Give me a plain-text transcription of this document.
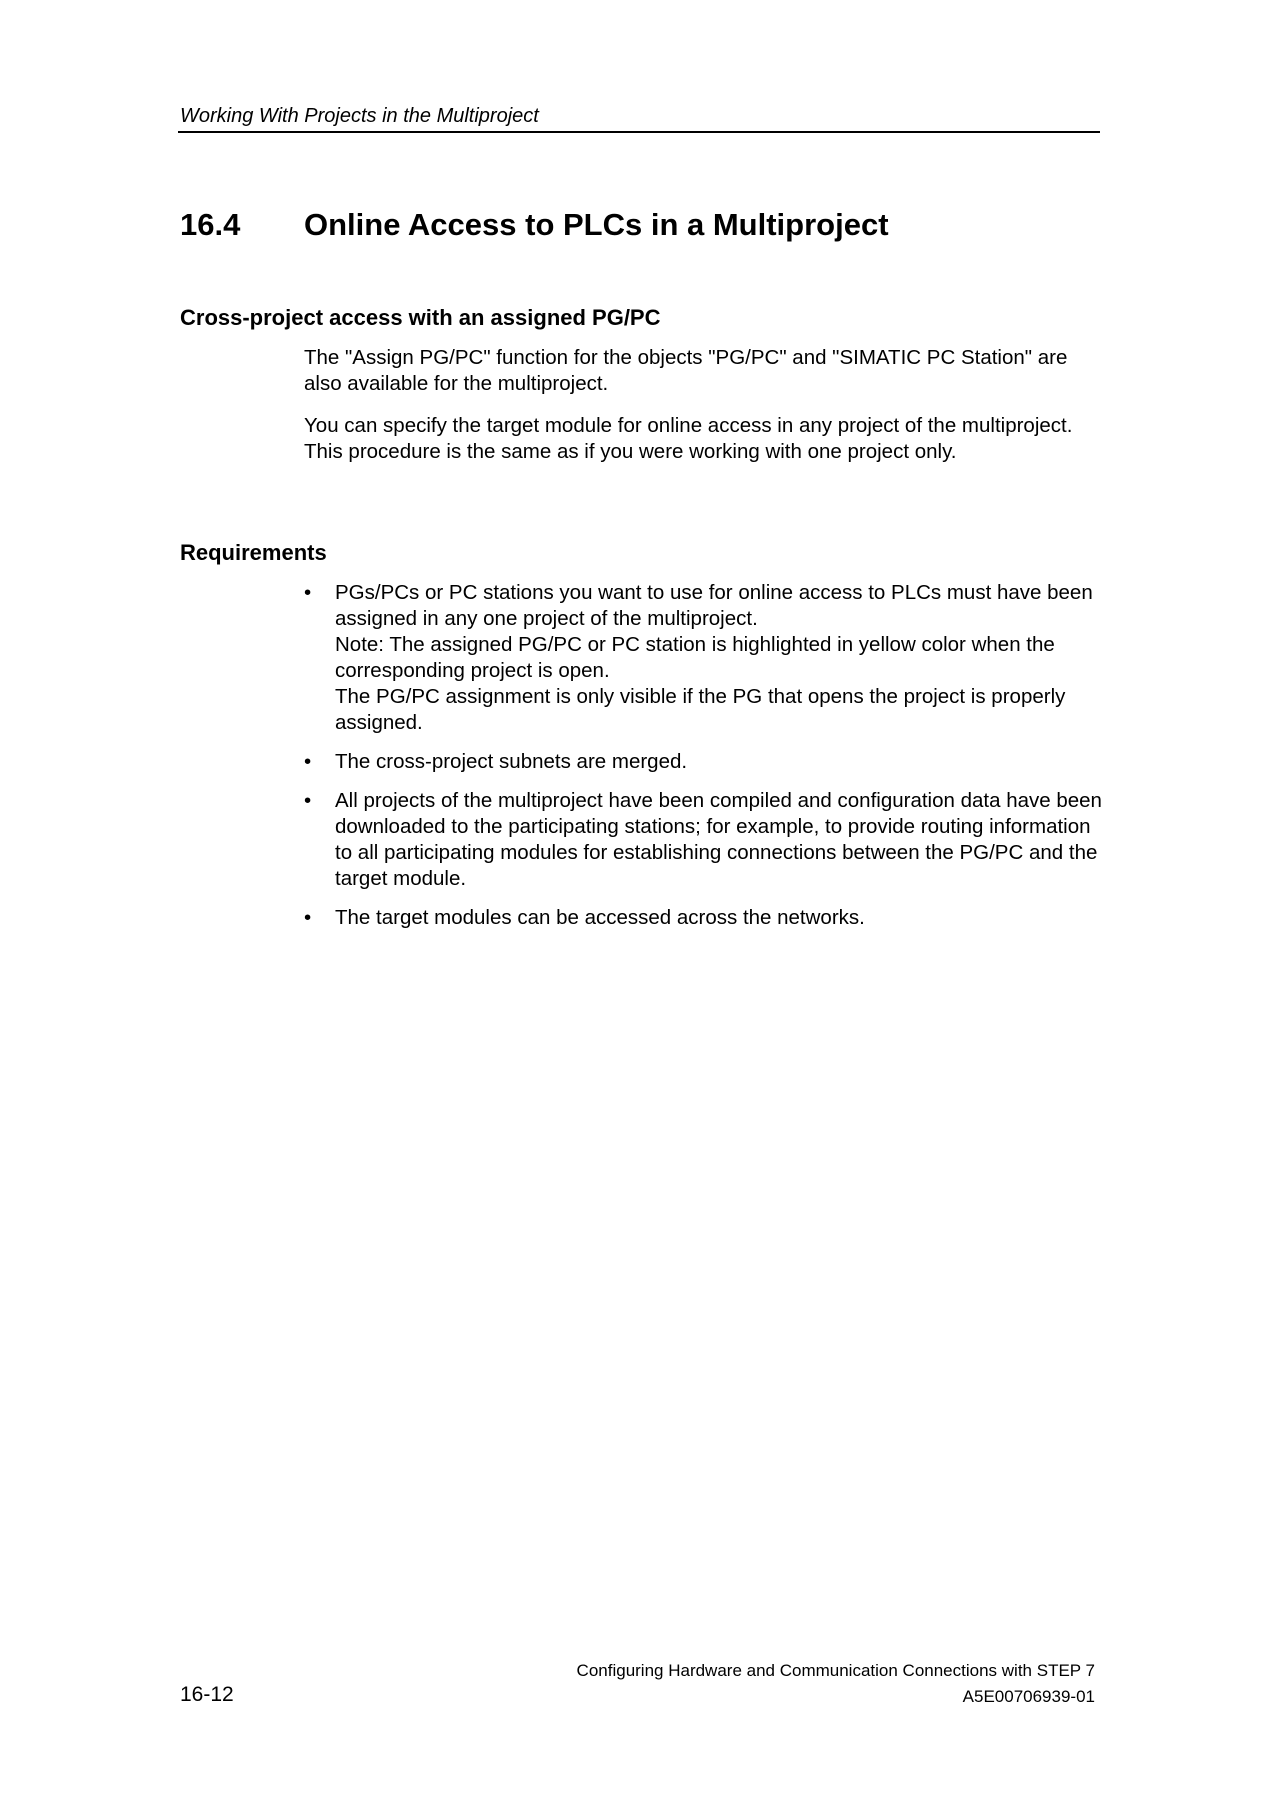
Working With Projects in the Multiproject
16.4 Online Access to PLCs in a Multiproject
Cross-project access with an assigned PG/PC

The "Assign PG/PC" function for the objects "PG/PC" and "SIMATIC PC Station" are also available for the multiproject.

You can specify the target module for online access in any project of the multiproject. This procedure is the same as if you were working with one project only.

Requirements
• PGs/PCs or PC stations you want to use for online access to PLCs must have been assigned in any one project of the multiproject.
Note: The assigned PG/PC or PC station is highlighted in yellow color when the corresponding project is open.
The PG/PC assignment is only visible if the PG that opens the project is properly assigned.
• The cross-project subnets are merged.
• All projects of the multiproject have been compiled and configuration data have been downloaded to the participating stations; for example, to provide routing information to all participating modules for establishing connections between the PG/PC and the target module.
• The target modules can be accessed across the networks.
Configuring Hardware and Communication Connections with STEP 7
16-12	A5E00706939-01
